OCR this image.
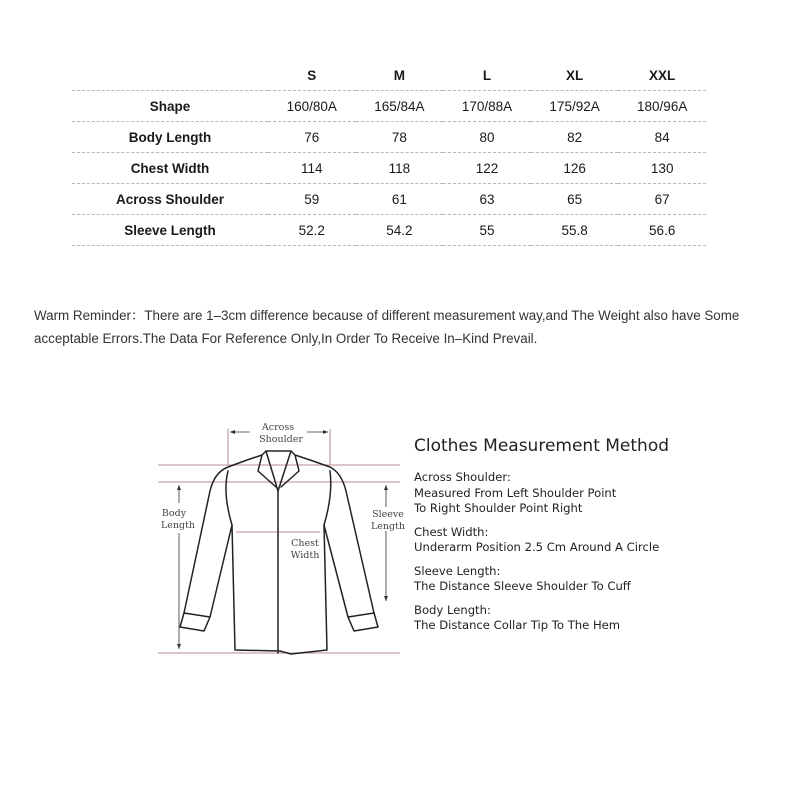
	S	M	L	XL	XXL
Shape	160/80A	165/84A	170/88A	175/92A	180/96A
Body Length	76	78	80	82	84
Chest Width	114	118	122	126	130
Across Shoulder	59	61	63	65	67
Sleeve Length	52.2	54.2	55	55.8	56.6
Warm Reminder：There are 1–3cm difference because of different measurement way,and The Weight also have Some
acceptable Errors.The Data For Reference Only,In Order To Receive In–Kind Prevail.
Across
Shoulder
Body
Length
Chest
Width
Sleeve
Length
Clothes Measurement Method
Across Shoulder:
Measured From Left Shoulder Point
To Right Shoulder Point Right
Chest Width:
Underarm Position 2.5 Cm Around A Circle
Sleeve Length:
The Distance Sleeve Shoulder To Cuff
Body Length:
The Distance Collar Tip To The Hem
